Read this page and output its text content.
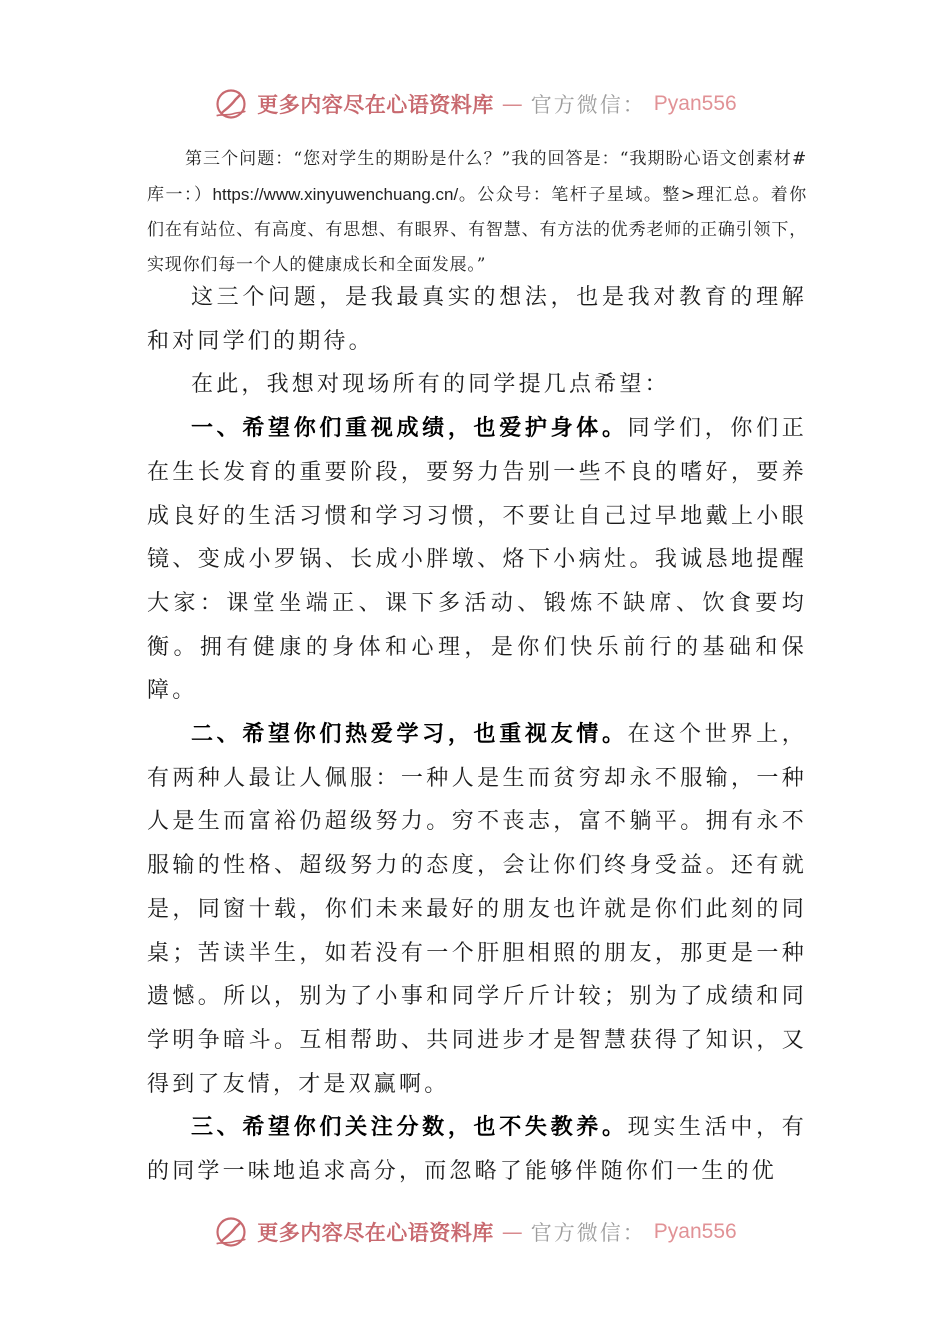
更多内容尽在心语资料库 — 官方微信： Pyan556
第三个问题：“您对学生的期盼是什么？”我的回答是：“我期盼心语文创素材#库一：）https://www.xinyuwenchuang.cn/。公众号：笔杆子星域。整>理汇总。着你们在有站位、有高度、有思想、有眼界、有智慧、有方法的优秀老师的正确引领下，实现你们每一个人的健康成长和全面发展。”

这三个问题，是我最真实的想法，也是我对教育的理解和对同学们的期待。

在此，我想对现场所有的同学提几点希望：

一、希望你们重视成绩，也爱护身体。同学们，你们正在生长发育的重要阶段，要努力告别一些不良的嗜好，要养成良好的生活习惯和学习习惯，不要让自己过早地戴上小眼镜、变成小罗锅、长成小胖墩、烙下小病灶。我诚恳地提醒大家：课堂坐端正、课下多活动、锻炼不缺席、饮食要均衡。拥有健康的身体和心理，是你们快乐前行的基础和保障。

二、希望你们热爱学习，也重视友情。在这个世界上，有两种人最让人佩服：一种人是生而贫穷却永不服输，一种人是生而富裕仍超级努力。穷不丧志，富不躺平。拥有永不服输的性格、超级努力的态度，会让你们终身受益。还有就是，同窗十载，你们未来最好的朋友也许就是你们此刻的同桌；苦读半生，如若没有一个肝胆相照的朋友，那更是一种遗憾。所以，别为了小事和同学斤斤计较；别为了成绩和同学明争暗斗。互相帮助、共同进步才是智慧获得了知识，又得到了友情，才是双赢啊。

三、希望你们关注分数，也不失教养。现实生活中，有的同学一味地追求高分，而忽略了能够伴随你们一生的优

更多内容尽在心语资料库 — 官方微信： Pyan556
